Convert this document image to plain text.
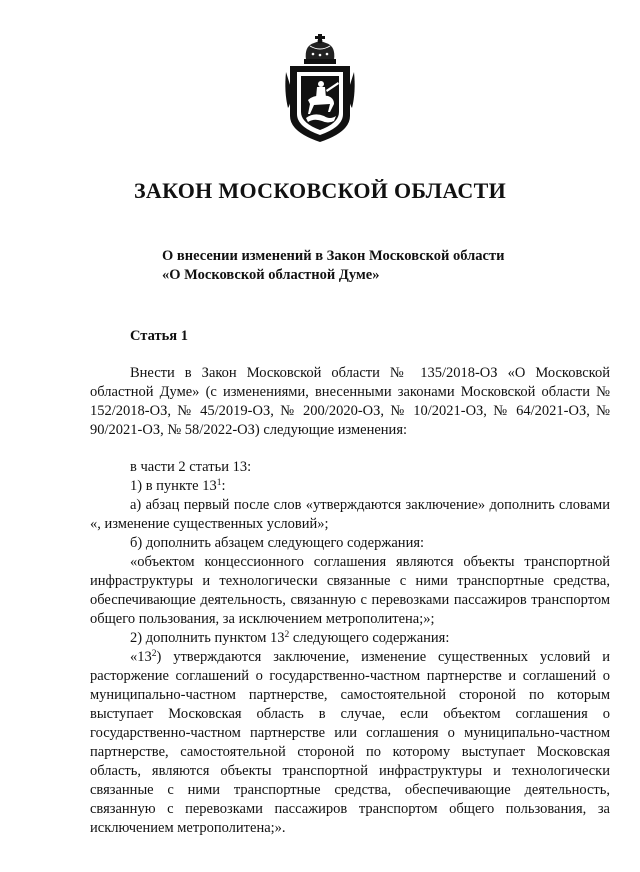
ЗАКОН МОСКОВСКОЙ ОБЛАСТИ
О внесении изменений в Закон Московской области
«О Московской областной Думе»
Статья 1

Внести в Закон Московской области № 135/2018-ОЗ «О Московской областной Думе» (с изменениями, внесенными законами Московской области № 152/2018-ОЗ, № 45/2019-ОЗ, № 200/2020-ОЗ, № 10/2021-ОЗ, № 64/2021-ОЗ, № 90/2021-ОЗ, № 58/2022-ОЗ) следующие изменения:

в части 2 статьи 13:

1) в пункте $13^1$:

а) абзац первый после слов «утверждаются заключение» дополнить словами «, изменение существенных условий»;

б) дополнить абзацем следующего содержания:

«объектом концессионного соглашения являются объекты транспортной инфраструктуры и технологически связанные с ними транспортные средства, обеспечивающие деятельность, связанную с перевозками пассажиров транспортом общего пользования, за исключением метрополитена;»;

2) дополнить пунктом $13^2$ следующего содержания:

«$13^2$) утверждаются заключение, изменение существенных условий и расторжение соглашений о государственно-частном партнерстве и соглашений о муниципально-частном партнерстве, самостоятельной стороной по которым выступает Московская область в случае, если объектом соглашения о государственно-частном партнерстве или соглашения о муниципально-частном партнерстве, самостоятельной стороной по которому выступает Московская область, являются объекты транспортной инфраструктуры и технологически связанные с ними транспортные средства, обеспечивающие деятельность, связанную с перевозками пассажиров транспортом общего пользования, за исключением метрополитена;».
